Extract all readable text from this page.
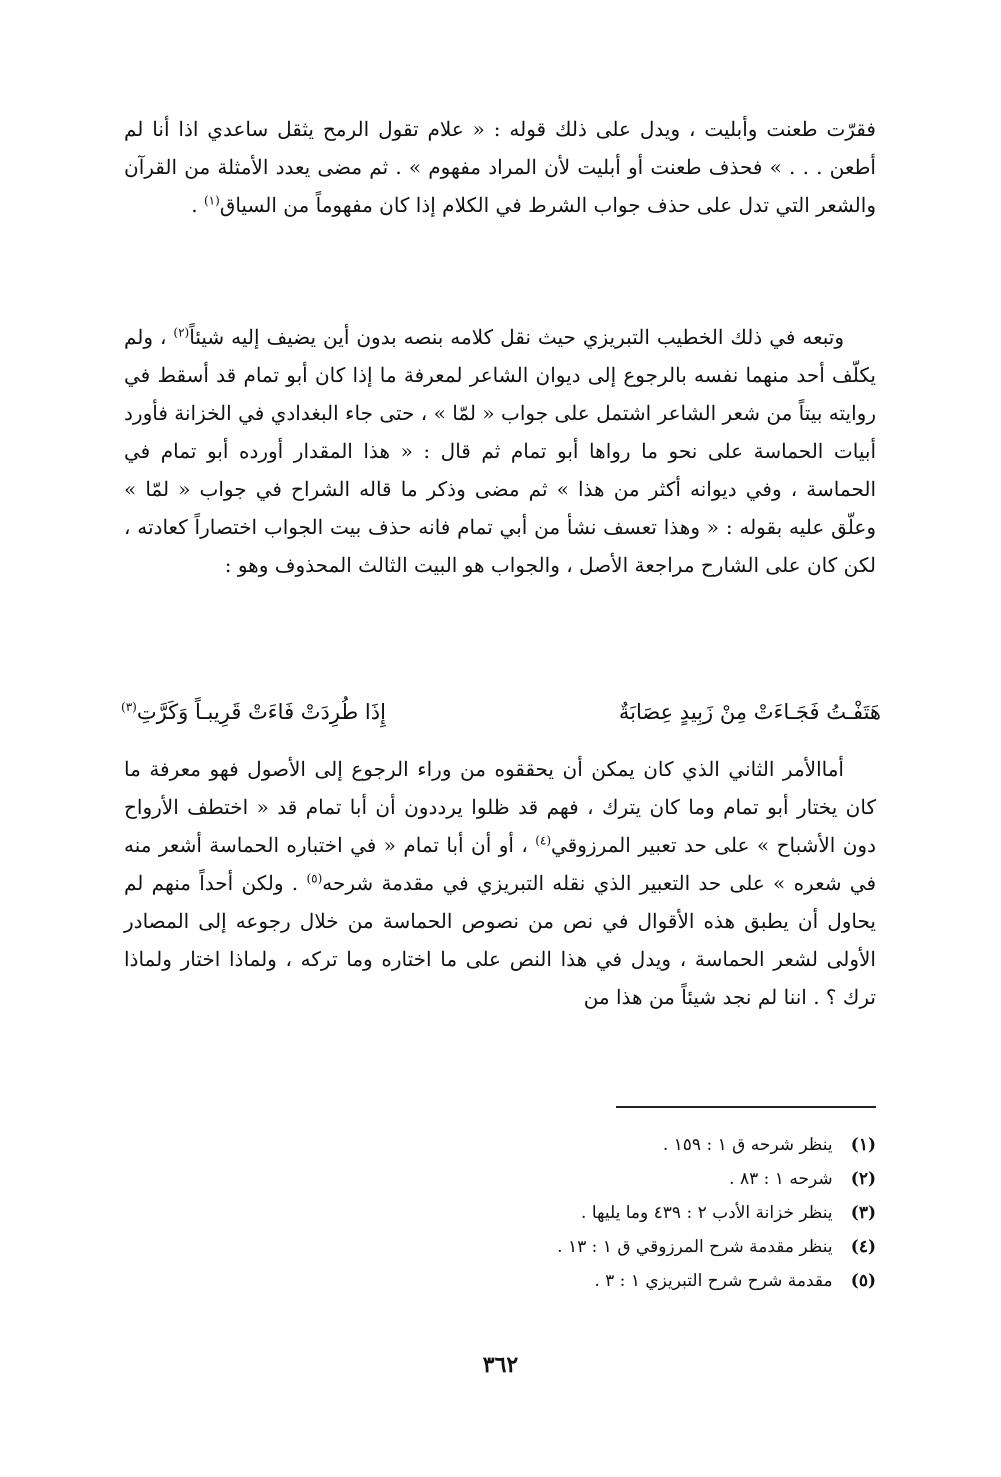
فقرّت طعنت وأبليت ، ويدل على ذلك قوله : « علام تقول الرمح يثقل ساعدي اذا أنا لم أطعن . . . » فحذف طعنت أو أبليت لأن المراد مفهوم » . ثم مضى يعدد الأمثلة من القرآن والشعر التي تدل على حذف جواب الشرط في الكلام إذا كان مفهوماً من السياق$^{(١)}$ .
وتبعه في ذلك الخطيب التبريزي حيث نقل كلامه بنصه بدون أين يضيف إليه شيئاً$^{(٢)}$ ، ولم يكلّف أحد منهما نفسه بالرجوع إلى ديوان الشاعر لمعرفة ما إذا كان أبو تمام قد أسقط في روايته بيتاً من شعر الشاعر اشتمل على جواب « لمّا » ، حتى جاء البغدادي في الخزانة فأورد أبيات الحماسة على نحو ما رواها أبو تمام ثم قال : « هذا المقدار أورده أبو تمام في الحماسة ، وفي ديوانه أكثر من هذا » ثم مضى وذكر ما قاله الشراح في جواب « لمّا » وعلّق عليه بقوله : « وهذا تعسف نشأ من أبي تمام فانه حذف بيت الجواب اختصاراً كعادته ، لكن كان على الشارح مراجعة الأصل ، والجواب هو البيت الثالث المحذوف وهو :
هَتَفْـتُ فَجَـاءَتْ مِنْ زَبِيدٍ عِصَابَةٌ
إِذَا طُرِدَتْ فَاءَتْ قَرِيبـاً وَكَرَّتِ$^{(٣)}$
أماالأمر الثاني الذي كان يمكن أن يحققوه من وراء الرجوع إلى الأصول فهو معرفة ما كان يختار أبو تمام وما كان يترك ، فهم قد ظلوا يرددون أن أبا تمام قد « اختطف الأرواح دون الأشباح » على حد تعبير المرزوقي$^{(٤)}$ ، أو أن أبا تمام « في اختباره الحماسة أشعر منه في شعره » على حد التعبير الذي نقله التبريزي في مقدمة شرحه$^{(٥)}$ . ولكن أحداً منهم لم يحاول أن يطبق هذه الأقوال في نص من نصوص الحماسة من خلال رجوعه إلى المصادر الأولى لشعر الحماسة ، ويدل في هذا النص على ما اختاره وما تركه ، ولماذا اختار ولماذا ترك ؟ . اننا لم نجد شيئاً من هذا من
(١) ينظر شرحه ق ١ : ١٥٩ .
(٢) شرحه ١ : ٨٣ .
(٣) ينظر خزانة الأدب ٢ : ٤٣٩ وما يليها .
(٤) ينظر مقدمة شرح المرزوقي ق ١ : ١٣ .
(٥) مقدمة شرح شرح التبريزي ١ : ٣ .
٣٦٢
